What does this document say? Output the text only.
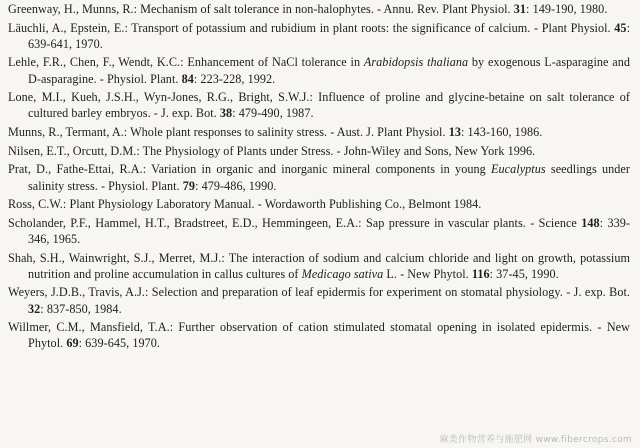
Greenway, H., Munns, R.: Mechanism of salt tolerance in non-halophytes. - Annu. Rev. Plant Physiol. 31: 149-190, 1980.

Läuchli, A., Epstein, E.: Transport of potassium and rubidium in plant roots: the significance of calcium. - Plant Physiol. 45: 639-641, 1970.

Lehle, F.R., Chen, F., Wendt, K.C.: Enhancement of NaCl tolerance in Arabidopsis thaliana by exogenous L-asparagine and D-asparagine. - Physiol. Plant. 84: 223-228, 1992.

Lone, M.I., Kueh, J.S.H., Wyn-Jones, R.G., Bright, S.W.J.: Influence of proline and glycine-betaine on salt tolerance of cultured barley embryos. - J. exp. Bot. 38: 479-490, 1987.

Munns, R., Termant, A.: Whole plant responses to salinity stress. - Aust. J. Plant Physiol. 13: 143-160, 1986.

Nilsen, E.T., Orcutt, D.M.: The Physiology of Plants under Stress. - John-Wiley and Sons, New York 1996.

Prat, D., Fathe-Ettai, R.A.: Variation in organic and inorganic mineral components in young Eucalyptus seedlings under salinity stress. - Physiol. Plant. 79: 479-486, 1990.

Ross, C.W.: Plant Physiology Laboratory Manual. - Wordaworth Publishing Co., Belmont 1984.

Scholander, P.F., Hammel, H.T., Bradstreet, E.D., Hemmingeen, E.A.: Sap pressure in vascular plants. - Science 148: 339-346, 1965.

Shah, S.H., Wainwright, S.J., Merret, M.J.: The interaction of sodium and calcium chloride and light on growth, potassium nutrition and proline accumulation in callus cultures of Medicago sativa L. - New Phytol. 116: 37-45, 1990.

Weyers, J.D.B., Travis, A.J.: Selection and preparation of leaf epidermis for experiment on stomatal physiology. - J. exp. Bot. 32: 837-850, 1984.

Willmer, C.M., Mansfield, T.A.: Further observation of cation stimulated stomatal opening in isolated epidermis. - New Phytol. 69: 639-645, 1970.

麻类作物营养与施肥网 www.fibercrops.com
